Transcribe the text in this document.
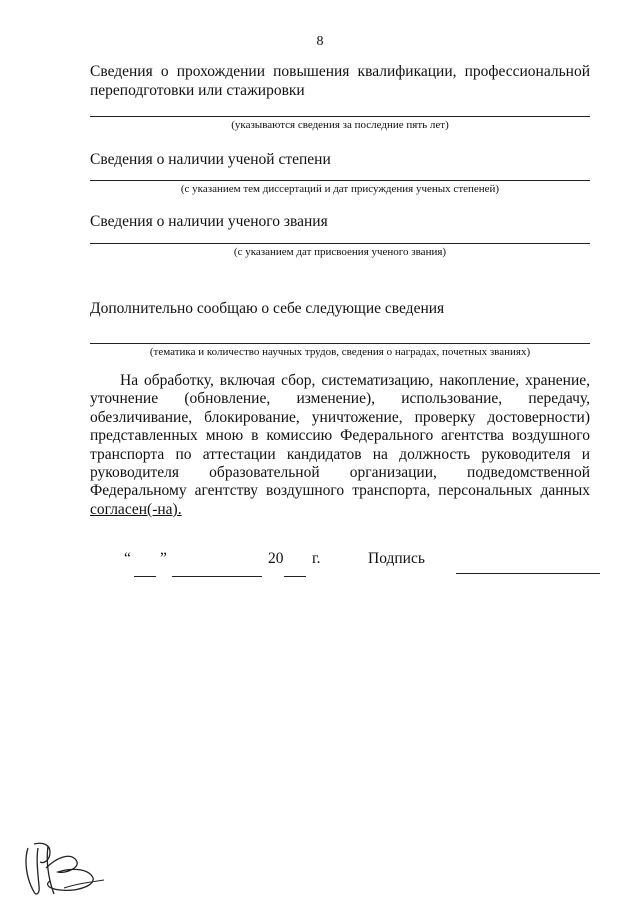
8
Сведения о прохождении повышения квалификации, профессиональной
переподготовки или стажировки
(указываются сведения за последние пять лет)
Сведения о наличии ученой степени
(с указанием тем диссертаций и дат присуждения ученых степеней)
Сведения о наличии ученого звания
(с указанием дат присвоения ученого звания)
Дополнительно сообщаю о себе следующие сведения
(тематика и количество научных трудов, сведения о наградах, почетных званиях)
На обработку, включая сбор, систематизацию, накопление, хранение,
уточнение (обновление, изменение), использование, передачу,
обезличивание, блокирование, уничтожение, проверку достоверности)
представленных мною в комиссию Федерального агентства воздушного
транспорта по аттестации кандидатов на должность руководителя и
руководителя образовательной организации, подведомственной
Федеральному агентству воздушного транспорта, персональных данных
согласен(-на).
“ ”	20 г.	Подпись
